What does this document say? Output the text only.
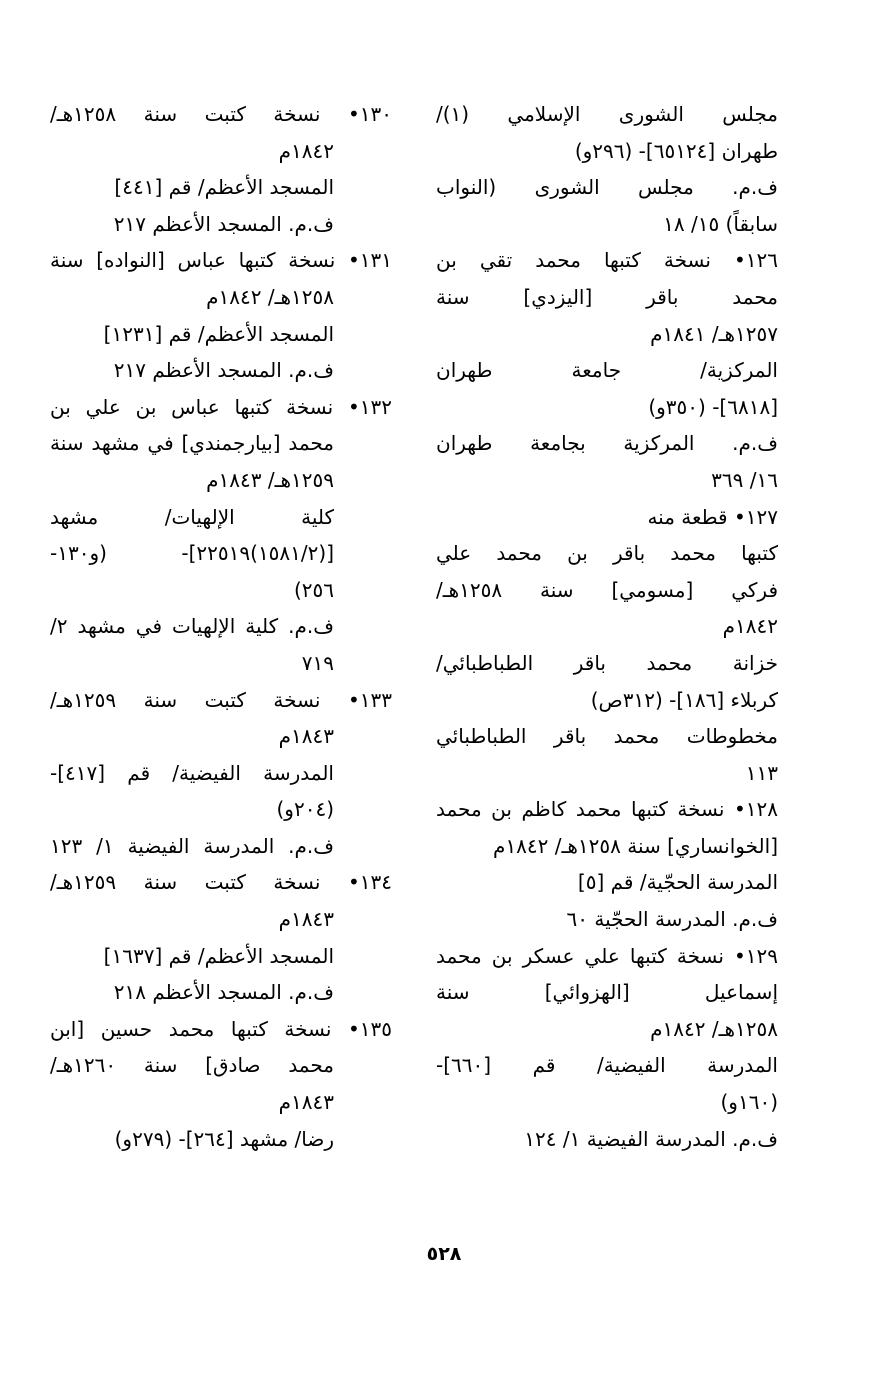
مجلس الشورى الإسلامي (١)/
طهران [٦٥١٢٤]- (٢٩٦و)
ف.م. مجلس الشورى (النواب
سابقاً) ١٥/ ١٨
١٢٦• نسخة كتبها محمد تقي بن
محمد باقر [اليزدي] سنة
١٢٥٧هـ/ ١٨٤١م
المركزية/ جامعة طهران
[٦٨١٨]- (٣٥٠و)
ف.م. المركزية بجامعة طهران
١٦/ ٣٦٩
١٢٧• قطعة منه
كتبها محمد باقر بن محمد علي
فركي [مسومي] سنة ١٢٥٨هـ/
١٨٤٢م
خزانة محمد باقر الطباطبائي/
كربلاء [١٨٦]- (٣١٢ص)
مخطوطات محمد باقر الطباطبائي
١١٣
١٢٨• نسخة كتبها محمد كاظم بن محمد
[الخوانساري] سنة ١٢٥٨هـ/ ١٨٤٢م
المدرسة الحجّية/ قم [٥]
ف.م. المدرسة الحجّية ٦٠
١٢٩• نسخة كتبها علي عسكر بن محمد
إسماعيل [الهزوائي] سنة
١٢٥٨هـ/ ١٨٤٢م
المدرسة الفيضية/ قم [٦٦٠]-
(١٦٠و)
ف.م. المدرسة الفيضية ١/ ١٢٤
١٣٠• نسخة كتبت سنة ١٢٥٨هـ/
١٨٤٢م
المسجد الأعظم/ قم [٤٤١]
ف.م. المسجد الأعظم ٢١٧
١٣١• نسخة كتبها عباس [النواده] سنة
١٢٥٨هـ/ ١٨٤٢م
المسجد الأعظم/ قم [١٢٣١]
ف.م. المسجد الأعظم ٢١٧
١٣٢• نسخة كتبها عباس بن علي بن
محمد [بيارجمندي] في مشهد سنة
١٢٥٩هـ/ ١٨٤٣م
كلية الإلهيات/ مشهد
[(١٥٨١/٢)٢٢٥١٩]- (و١٣٠-
٢٥٦)
ف.م. كلية الإلهيات في مشهد ٢/
٧١٩
١٣٣• نسخة كتبت سنة ١٢٥٩هـ/
١٨٤٣م
المدرسة الفيضية/ قم [٤١٧]-
(٢٠٤و)
ف.م. المدرسة الفيضية ١/ ١٢٣
١٣٤• نسخة كتبت سنة ١٢٥٩هـ/
١٨٤٣م
المسجد الأعظم/ قم [١٦٣٧]
ف.م. المسجد الأعظم ٢١٨
١٣٥• نسخة كتبها محمد حسين [ابن
محمد صادق] سنة ١٢٦٠هـ/
١٨٤٣م
رضا/ مشهد [٢٦٤]- (٢٧٩و)
٥٢٨
